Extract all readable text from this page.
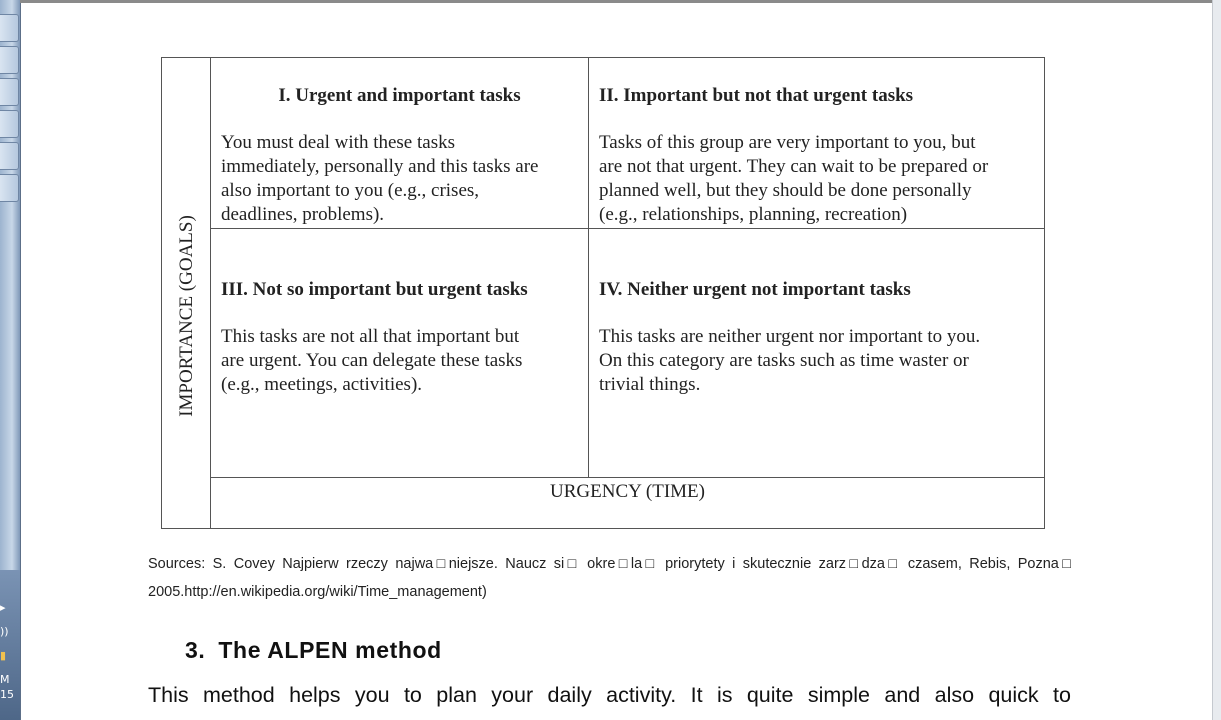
▸
))
▮
M
15
IMPORTANCE (GOALS)
I. Urgent and important tasks

You must deal with these tasks
immediately, personally and this tasks are
also important to you (e.g., crises,
deadlines, problems).

II. Important but not that urgent tasks

Tasks of this group are very important to you, but
are not that urgent. They can wait to be prepared or
planned well, but they should be done personally
(e.g., relationships, planning, recreation)

III. Not so important but urgent tasks

This tasks are not all that important but
are urgent. You can delegate these tasks
(e.g., meetings, activities).

IV. Neither urgent not important tasks

This tasks are neither urgent nor important to you.
On this category are tasks such as time waster or
trivial things.

URGENCY (TIME)
Sources: S. Covey Najpierw rzeczy najwa□niejsze. Naucz si□ okre□la□ priorytety i skutecznie zarz□dza□ czasem, Rebis, Pozna□ 2005.http://en.wikipedia.org/wiki/Time_management)
3. The ALPEN method
This method helps you to plan your daily activity. It is quite simple and also quick to
